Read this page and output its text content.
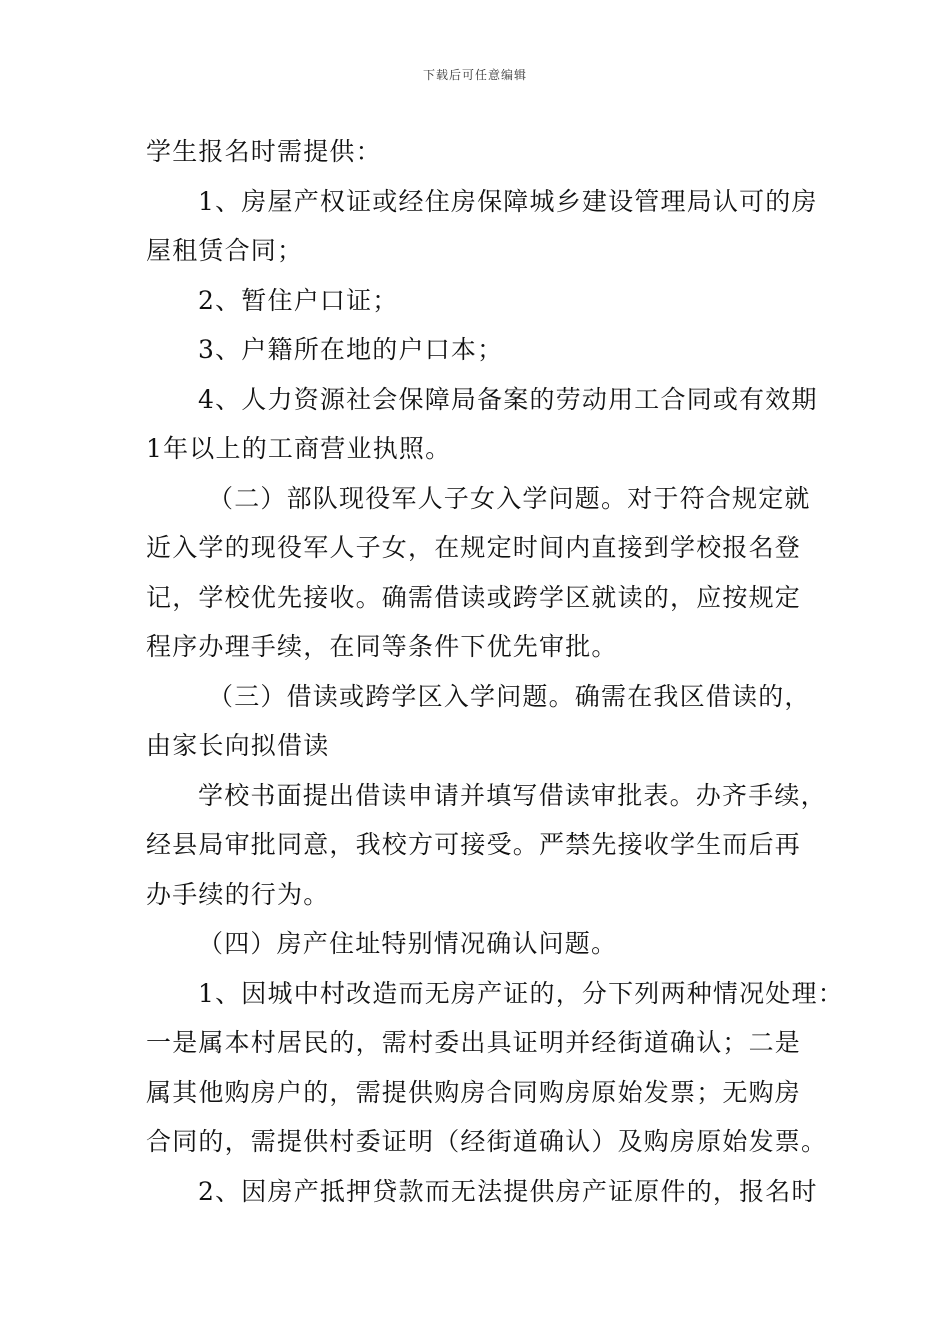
下载后可任意编辑
学生报名时需提供：
1、房屋产权证或经住房保障城乡建设管理局认可的房
屋租赁合同；
2、暂住户口证；
3、户籍所在地的户口本；
4、人力资源社会保障局备案的劳动用工合同或有效期
1年以上的工商营业执照。
（二）部队现役军人子女入学问题。对于符合规定就
近入学的现役军人子女，在规定时间内直接到学校报名登
记，学校优先接收。确需借读或跨学区就读的，应按规定
程序办理手续，在同等条件下优先审批。
（三）借读或跨学区入学问题。确需在我区借读的，
由家长向拟借读
学校书面提出借读申请并填写借读审批表。办齐手续，
经县局审批同意，我校方可接受。严禁先接收学生而后再
办手续的行为。
（四）房产住址特别情况确认问题。
1、因城中村改造而无房产证的，分下列两种情况处理：
一是属本村居民的，需村委出具证明并经街道确认；二是
属其他购房户的，需提供购房合同购房原始发票；无购房
合同的，需提供村委证明（经街道确认）及购房原始发票。
2、因房产抵押贷款而无法提供房产证原件的，报名时
